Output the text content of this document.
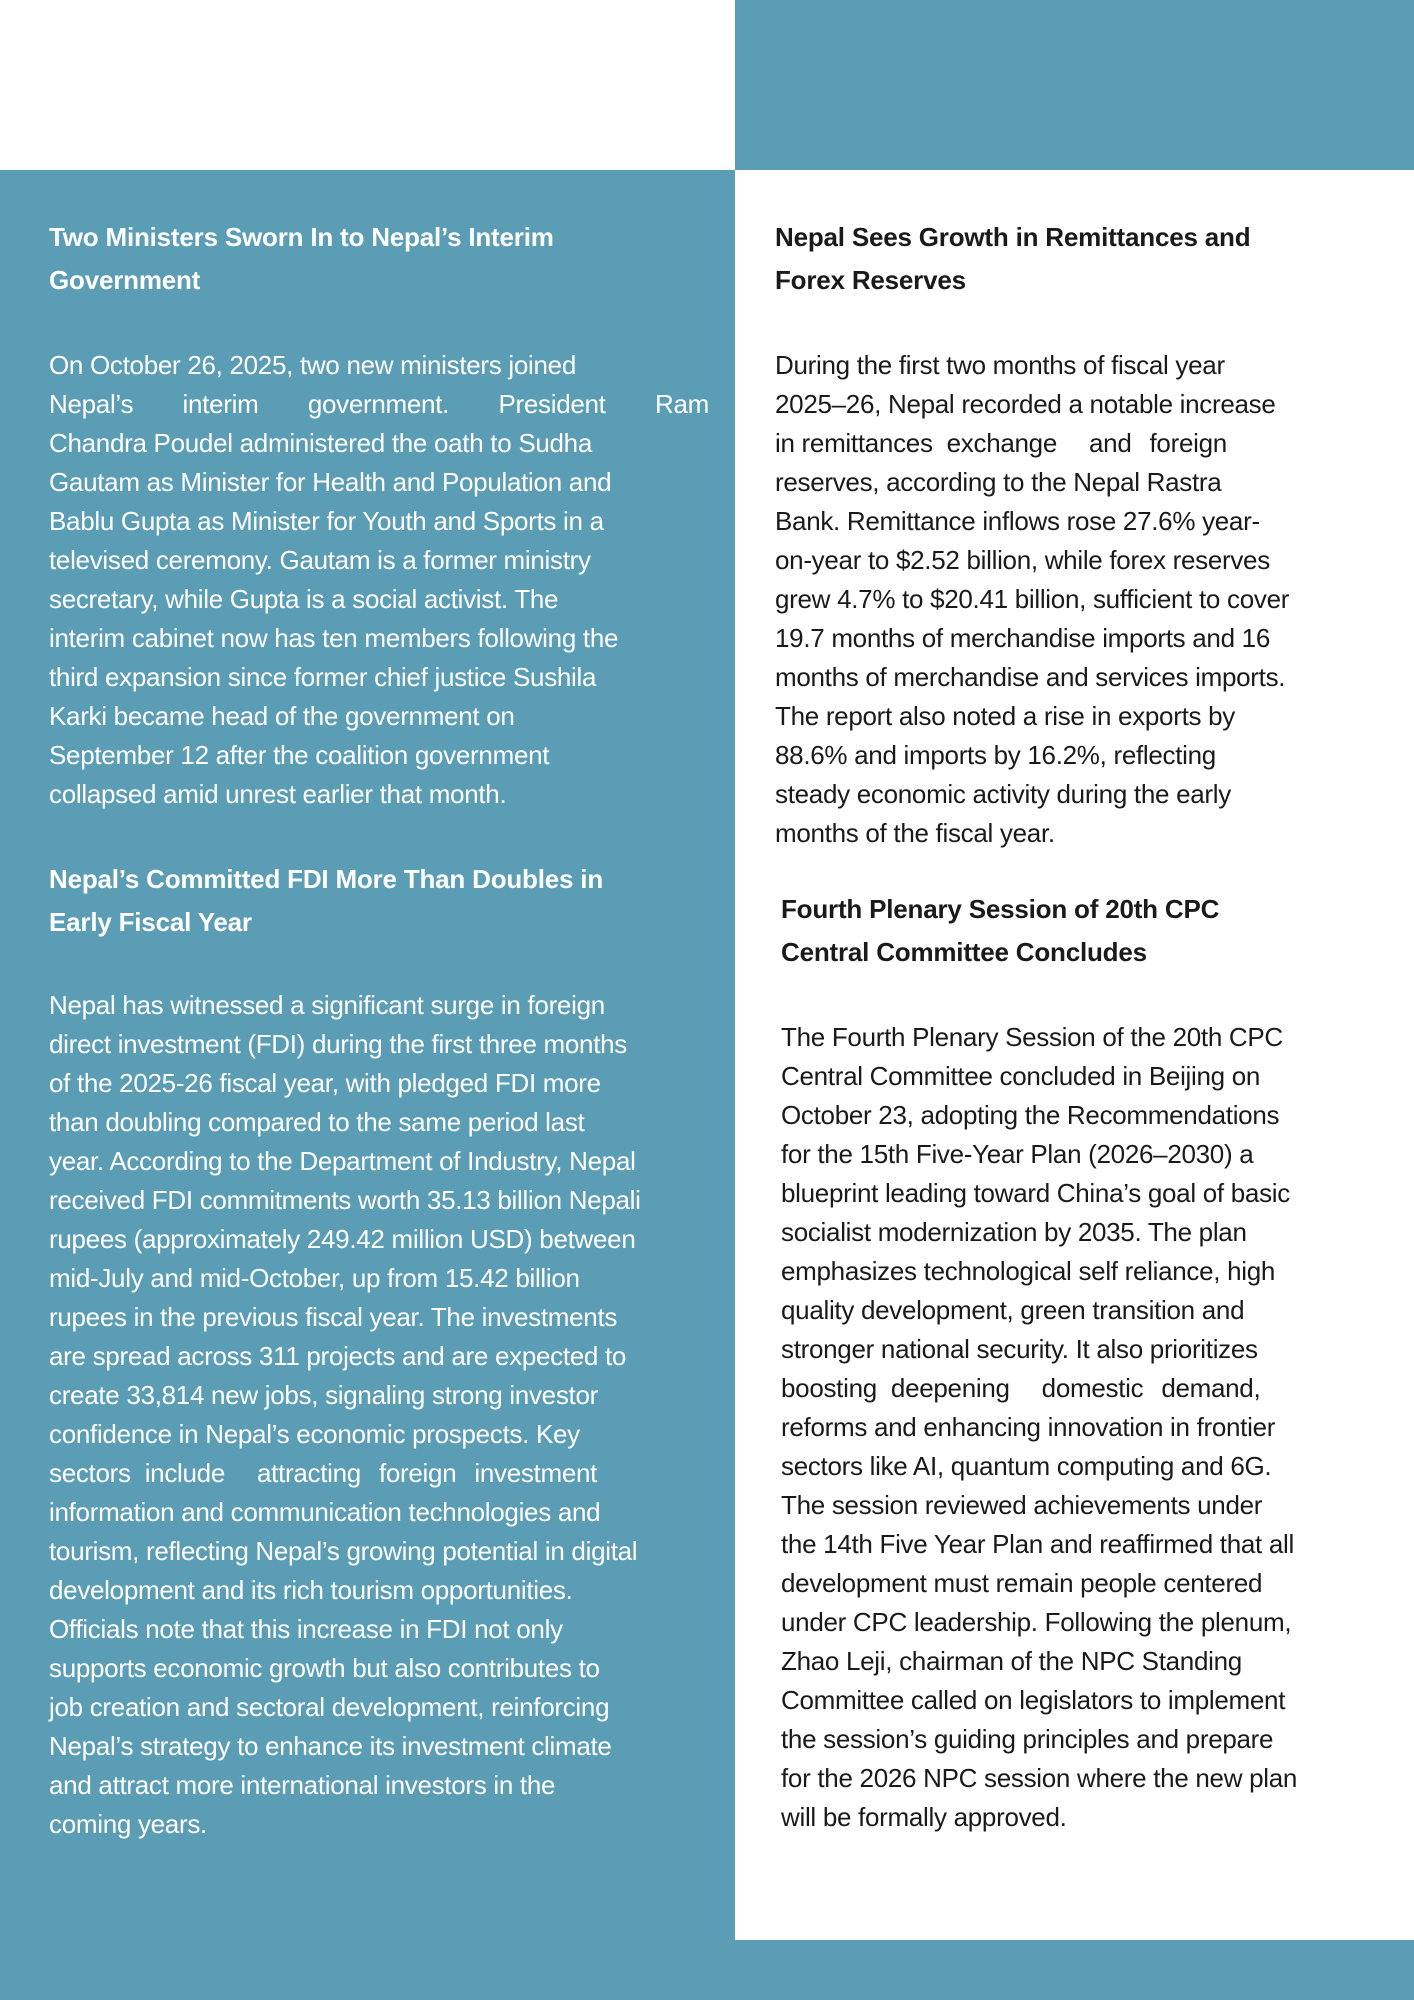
Two Ministers Sworn In to Nepal’s Interim
Government
On October 26, 2025, two new ministers joined
Nepal’s interim government. President Ram
Chandra Poudel administered the oath to Sudha
Gautam as Minister for Health and Population and
Bablu Gupta as Minister for Youth and Sports in a
televised ceremony. Gautam is a former ministry
secretary, while Gupta is a social activist. The
interim cabinet now has ten members following the
third expansion since former chief justice Sushila
Karki became head of the government on
September 12 after the coalition government
collapsed amid unrest earlier that month.
Nepal’s Committed FDI More Than Doubles in
Early Fiscal Year
Nepal has witnessed a significant surge in foreign
direct investment (FDI) during the first three months
of the 2025-26 fiscal year, with pledged FDI more
than doubling compared to the same period last
year. According to the Department of Industry, Nepal
received FDI commitments worth 35.13 billion Nepali
rupees (approximately 249.42 million USD) between
mid-July and mid-October, up from 15.42 billion
rupees in the previous fiscal year. The investments
are spread across 311 projects and are expected to
create 33,814 new jobs, signaling strong investor
confidence in Nepal’s economic prospects. Key
sectors include attracting foreign investment
information and communication technologies and
tourism, reflecting Nepal’s growing potential in digital
development and its rich tourism opportunities.
Officials note that this increase in FDI not only
supports economic growth but also contributes to
job creation and sectoral development, reinforcing
Nepal’s strategy to enhance its investment climate
and attract more international investors in the
coming years.
Nepal Sees Growth in Remittances and
Forex Reserves
During the first two months of fiscal year
2025–26, Nepal recorded a notable increase
in remittances exchange and foreign
reserves, according to the Nepal Rastra
Bank. Remittance inflows rose 27.6% year-
on-year to $2.52 billion, while forex reserves
grew 4.7% to $20.41 billion, sufficient to cover
19.7 months of merchandise imports and 16
months of merchandise and services imports.
The report also noted a rise in exports by
88.6% and imports by 16.2%, reflecting
steady economic activity during the early
months of the fiscal year.
Fourth Plenary Session of 20th CPC
Central Committee Concludes
The Fourth Plenary Session of the 20th CPC
Central Committee concluded in Beijing on
October 23, adopting the Recommendations
for the 15th Five-Year Plan (2026–2030) a
blueprint leading toward China’s goal of basic
socialist modernization by 2035. The plan
emphasizes technological self reliance, high
quality development, green transition and
stronger national security. It also prioritizes
boosting deepening domestic demand,
reforms and enhancing innovation in frontier
sectors like AI, quantum computing and 6G.
The session reviewed achievements under
the 14th Five Year Plan and reaffirmed that all
development must remain people centered
under CPC leadership. Following the plenum,
Zhao Leji, chairman of the NPC Standing
Committee called on legislators to implement
the session’s guiding principles and prepare
for the 2026 NPC session where the new plan
will be formally approved.
